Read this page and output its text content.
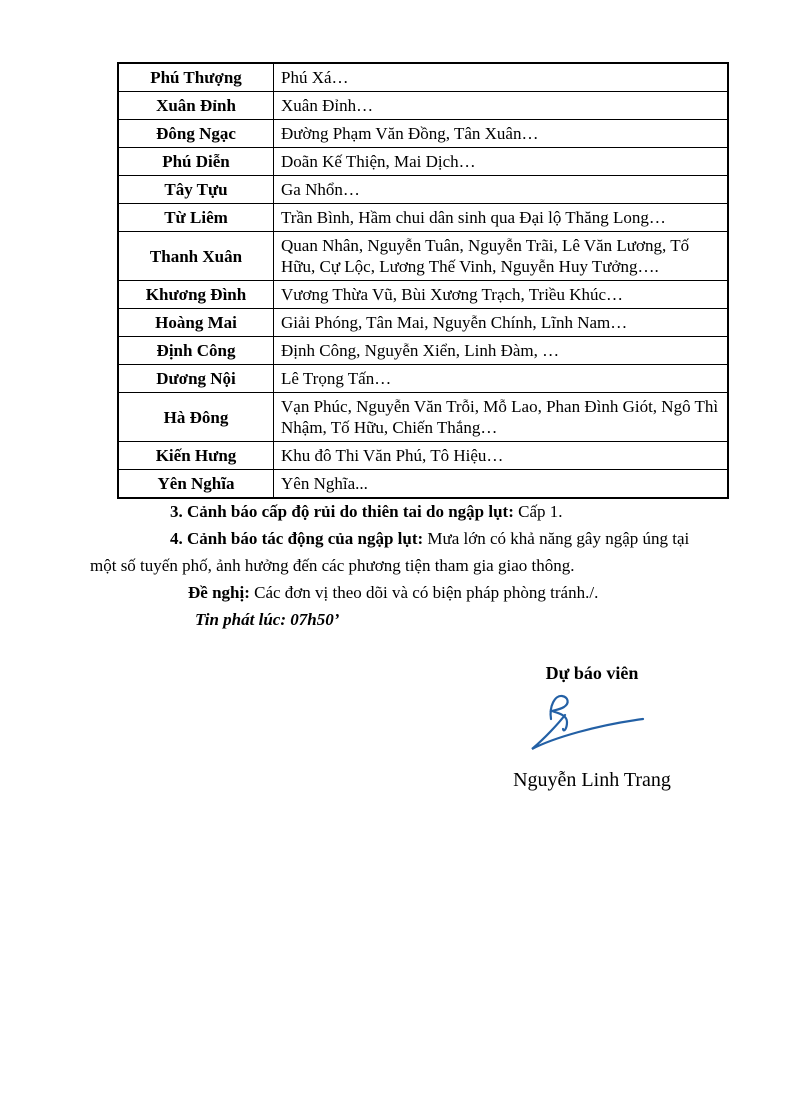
Phú Thượng	Phú Xá…
Xuân Đỉnh	Xuân Đỉnh…
Đông Ngạc	Đường Phạm Văn Đồng, Tân Xuân…
Phú Diễn	Doãn Kế Thiện, Mai Dịch…
Tây Tựu	Ga Nhổn…
Từ Liêm	Trần Bình, Hầm chui dân sinh qua Đại lộ Thăng Long…
Thanh Xuân	Quan Nhân, Nguyễn Tuân, Nguyễn Trãi, Lê Văn Lương, Tố Hữu, Cự Lộc, Lương Thế Vinh, Nguyễn Huy Tưởng….
Khương Đình	Vương Thừa Vũ, Bùi Xương Trạch, Triều Khúc…
Hoàng Mai	Giải Phóng, Tân Mai, Nguyễn Chính, Lĩnh Nam…
Định Công	Định Công, Nguyễn Xiển, Linh Đàm, …
Dương Nội	Lê Trọng Tấn…
Hà Đông	Vạn Phúc, Nguyễn Văn Trỗi, Mỗ Lao, Phan Đình Giót, Ngô Thì Nhậm, Tố Hữu, Chiến Thắng…
Kiến Hưng	Khu đô Thi Văn Phú, Tô Hiệu…
Yên Nghĩa	Yên Nghĩa...

3. Cảnh báo cấp độ rủi do thiên tai do ngập lụt: Cấp 1.

4. Cảnh báo tác động của ngập lụt: Mưa lớn có khả năng gây ngập úng tại một số tuyến phố, ảnh hưởng đến các phương tiện tham gia giao thông.

Đề nghị: Các đơn vị theo dõi và có biện pháp phòng tránh./.

Tin phát lúc: 07h50’

Dự báo viên

Nguyễn Linh Trang
